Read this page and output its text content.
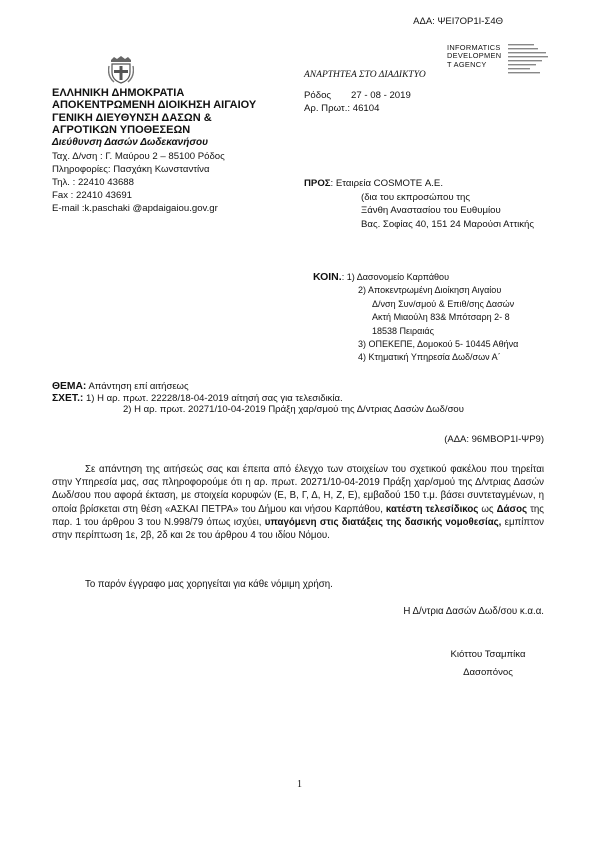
ΑΔΑ: ΨΕΙ7ΟΡ1Ι-Σ4Θ
INFORMATICS
DEVELOPMEN
T AGENCY
ΑΝΑΡΤΗΤΕΑ ΣΤΟ ΔΙΑΔΙΚΤΥΟ
ΕΛΛΗΝΙΚΗ ΔΗΜΟΚΡΑΤΙΑ
ΑΠΟΚΕΝΤΡΩΜΕΝΗ ΔΙΟΙΚΗΣΗ ΑΙΓΑΙΟΥ
ΓΕΝΙΚΗ ΔΙΕΥΘΥΝΣΗ ΔΑΣΩΝ &
ΑΓΡΟΤΙΚΩΝ ΥΠΟΘΕΣΕΩΝ
Διεύθυνση Δασών Δωδεκανήσου
Ταχ. Δ/νση : Γ. Μαύρου 2 – 85100 Ρόδος
Πληροφορίες: Πασχάκη Κωνσταντίνα
Τηλ. : 22410 43688
Fax : 22410 43691
E-mail :k.paschaki @apdaigaiou.gov.gr
Ρόδος 27 - 08 - 2019
Αρ. Πρωτ.: 46104
ΠΡΟΣ: Εταιρεία COSMOTE Α.Ε.
(δια του εκπροσώπου της
Ξάνθη Αναστασίου του Ευθυμίου
Βας. Σοφίας 40, 151 24 Μαρούσι Αττικής
ΚΟΙΝ.: 1) Δασονομείο Καρπάθου
2) Αποκεντρωμένη Διοίκηση Αιγαίου
Δ/νση Συν/σμού & Επιθ/σης Δασών
Ακτή Μιαούλη 83& Μπότσαρη 2- 8
18538 Πειραιάς
3) ΟΠΕΚΕΠΕ, Δομοκού 5- 10445 Αθήνα
4) Κτηματική Υπηρεσία Δωδ/σων Α΄
ΘΕΜΑ: Απάντηση επί αιτήσεως
ΣΧΕΤ.: 1) Η αρ. πρωτ. 22228/18-04-2019 αίτησή σας για τελεσιδικία.
2) Η αρ. πρωτ. 20271/10-04-2019 Πράξη χαρ/σμού της Δ/ντριας Δασών Δωδ/σου
(ΑΔΑ: 96ΜΒΟΡ1Ι-ΨΡ9)
Σε απάντηση της αιτήσεώς σας και έπειτα από έλεγχο των στοιχείων του σχετικού φακέλου που τηρείται στην Υπηρεσία μας, σας πληροφορούμε ότι η αρ. πρωτ. 20271/10-04-2019 Πράξη χαρ/σμού της Δ/ντριας Δασών Δωδ/σου που αφορά έκταση, με στοιχεία κορυφών (Ε, Β, Γ, Δ, Η, Ζ, Ε), εμβαδού 150 τ.μ. βάσει συντεταγμένων, η οποία βρίσκεται στη θέση «ΑΣΚΑΙ ΠΕΤΡΑ» του Δήμου και νήσου Καρπάθου, κατέστη τελεσίδικος ως Δάσος της παρ. 1 του άρθρου 3 του Ν.998/79 όπως ισχύει, υπαγόμενη στις διατάξεις της δασικής νομοθεσίας, εμπίπτον στην περίπτωση 1ε, 2β, 2δ και 2ε του άρθρου 4 του ιδίου Νόμου.
Το παρόν έγγραφο μας χορηγείται για κάθε νόμιμη χρήση.
Η Δ/ντρια Δασών Δωδ/σου κ.α.α.
Κιόττου Τσαμπίκα
Δασοπόνος
1
